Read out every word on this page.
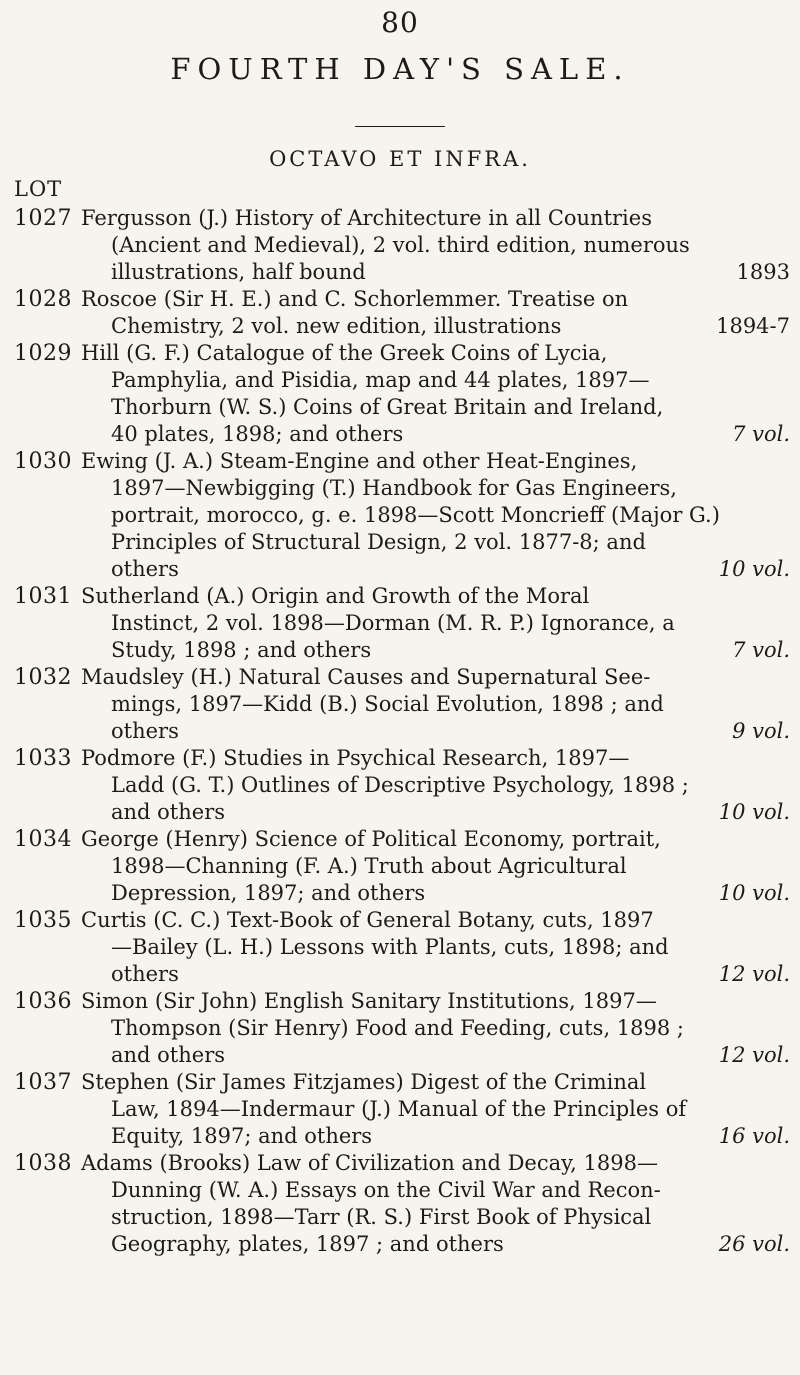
80
FOURTH DAY'S SALE.
OCTAVO ET INFRA.
LOT
1027 Fergusson (J.) History of Architecture in all Countries
(Ancient and Medieval), 2 vol. third edition, numerous
illustrations, half bound	1893
1028 Roscoe (Sir H. E.) and C. Schorlemmer. Treatise on
Chemistry, 2 vol. new edition, illustrations	1894-7
1029 Hill (G. F.) Catalogue of the Greek Coins of Lycia,
Pamphylia, and Pisidia, map and 44 plates, 1897—
Thorburn (W. S.) Coins of Great Britain and Ireland,
40 plates, 1898; and others	7 vol.
1030 Ewing (J. A.) Steam-Engine and other Heat-Engines,
1897—Newbigging (T.) Handbook for Gas Engineers,
portrait, morocco, g. e. 1898—Scott Moncrieff (Major G.)
Principles of Structural Design, 2 vol. 1877-8; and
others	10 vol.
1031 Sutherland (A.) Origin and Growth of the Moral
Instinct, 2 vol. 1898—Dorman (M. R. P.) Ignorance, a
Study, 1898 ; and others	7 vol.
1032 Maudsley (H.) Natural Causes and Supernatural See-
mings, 1897—Kidd (B.) Social Evolution, 1898 ; and
others	9 vol.
1033 Podmore (F.) Studies in Psychical Research, 1897—
Ladd (G. T.) Outlines of Descriptive Psychology, 1898 ;
and others	10 vol.
1034 George (Henry) Science of Political Economy, portrait,
1898—Channing (F. A.) Truth about Agricultural
Depression, 1897; and others	10 vol.
1035 Curtis (C. C.) Text-Book of General Botany, cuts, 1897
—Bailey (L. H.) Lessons with Plants, cuts, 1898; and
others	12 vol.
1036 Simon (Sir John) English Sanitary Institutions, 1897—
Thompson (Sir Henry) Food and Feeding, cuts, 1898 ;
and others	12 vol.
1037 Stephen (Sir James Fitzjames) Digest of the Criminal
Law, 1894—Indermaur (J.) Manual of the Principles of
Equity, 1897; and others	16 vol.
1038 Adams (Brooks) Law of Civilization and Decay, 1898—
Dunning (W. A.) Essays on the Civil War and Recon-
struction, 1898—Tarr (R. S.) First Book of Physical
Geography, plates, 1897 ; and others	26 vol.
